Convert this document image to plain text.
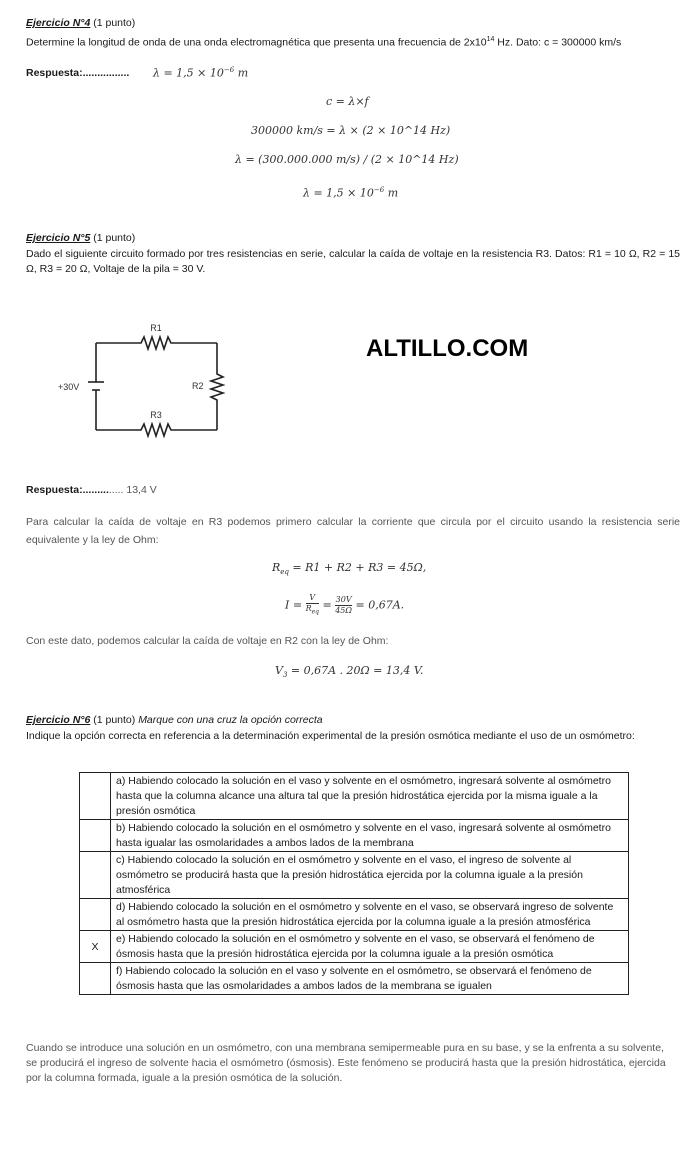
Ejercicio N°4 (1 punto)
Determine la longitud de onda de una onda electromagnética que presenta una frecuencia de $2x10^{14}$ Hz. Dato: c = 300000 km/s
Respuesta:................ $\lambda = 1,5 \times 10^{-6}$ m
c = λ×f
300000 km/s = λ × (2 × 10^14 Hz)
λ = (300.000.000 m/s) / (2 × 10^14 Hz)
$\lambda = 1,5 \times 10^{-6}$ m
Ejercicio N°5 (1 punto)
Dado el siguiente circuito formado por tres resistencias en serie, calcular la caída de voltaje en la resistencia R3. Datos: R1 = 10 Ω, R2 = 15 Ω, R3 = 20 Ω, Voltaje de la pila = 30 V.
R1
R2
R3
+30V
ALTILLO.COM
Respuesta:.............. 13,4 V
Para calcular la caída de voltaje en R3 podemos primero calcular la corriente que circula por el circuito usando la resistencia serie equivalente y la ley de Ohm:
$R_{eq} = R1 + R2 + R3 = 45\Omega$,
I =
V
$R_{eq}$
= $\frac{30V}{45\Omega} = 0,67A$.
Con este dato, podemos calcular la caída de voltaje en R2 con la ley de Ohm:
$V_3 = 0,67A$ . 20Ω = 13,4 V.
Ejercicio N°6 (1 punto) Marque con una cruz la opción correcta
Indique la opción correcta en referencia a la determinación experimental de la presión osmótica mediante el uso de un osmómetro:
	a) Habiendo colocado la solución en el vaso y solvente en el osmómetro, ingresará solvente al osmómetro hasta que la columna alcance una altura tal que la presión hidrostática ejercida por la misma iguale a la presión osmótica
	b) Habiendo colocado la solución en el osmómetro y solvente en el vaso, ingresará solvente al osmómetro hasta igualar las osmolaridades a ambos lados de la membrana
	c) Habiendo colocado la solución en el osmómetro y solvente en el vaso, el ingreso de solvente al osmómetro se producirá hasta que la presión hidrostática ejercida por la columna iguale a la presión atmosférica
	d) Habiendo colocado la solución en el osmómetro y solvente en el vaso, se observará ingreso de solvente al osmómetro hasta que la presión hidrostática ejercida por la columna iguale a la presión atmosférica
X	e) Habiendo colocado la solución en el osmómetro y solvente en el vaso, se observará el fenómeno de ósmosis hasta que la presión hidrostática ejercida por la columna iguale a la presión osmótica
	f) Habiendo colocado la solución en el vaso y solvente en el osmómetro, se observará el fenómeno de ósmosis hasta que las osmolaridades a ambos lados de la membrana se igualen
Cuando se introduce una solución en un osmómetro, con una membrana semipermeable pura en su base, y se la enfrenta a su solvente, se producirá el ingreso de solvente hacia el osmómetro (ósmosis). Este fenómeno se producirá hasta que la presión hidrostática, ejercida por la columna formada, iguale a la presión osmótica de la solución.
